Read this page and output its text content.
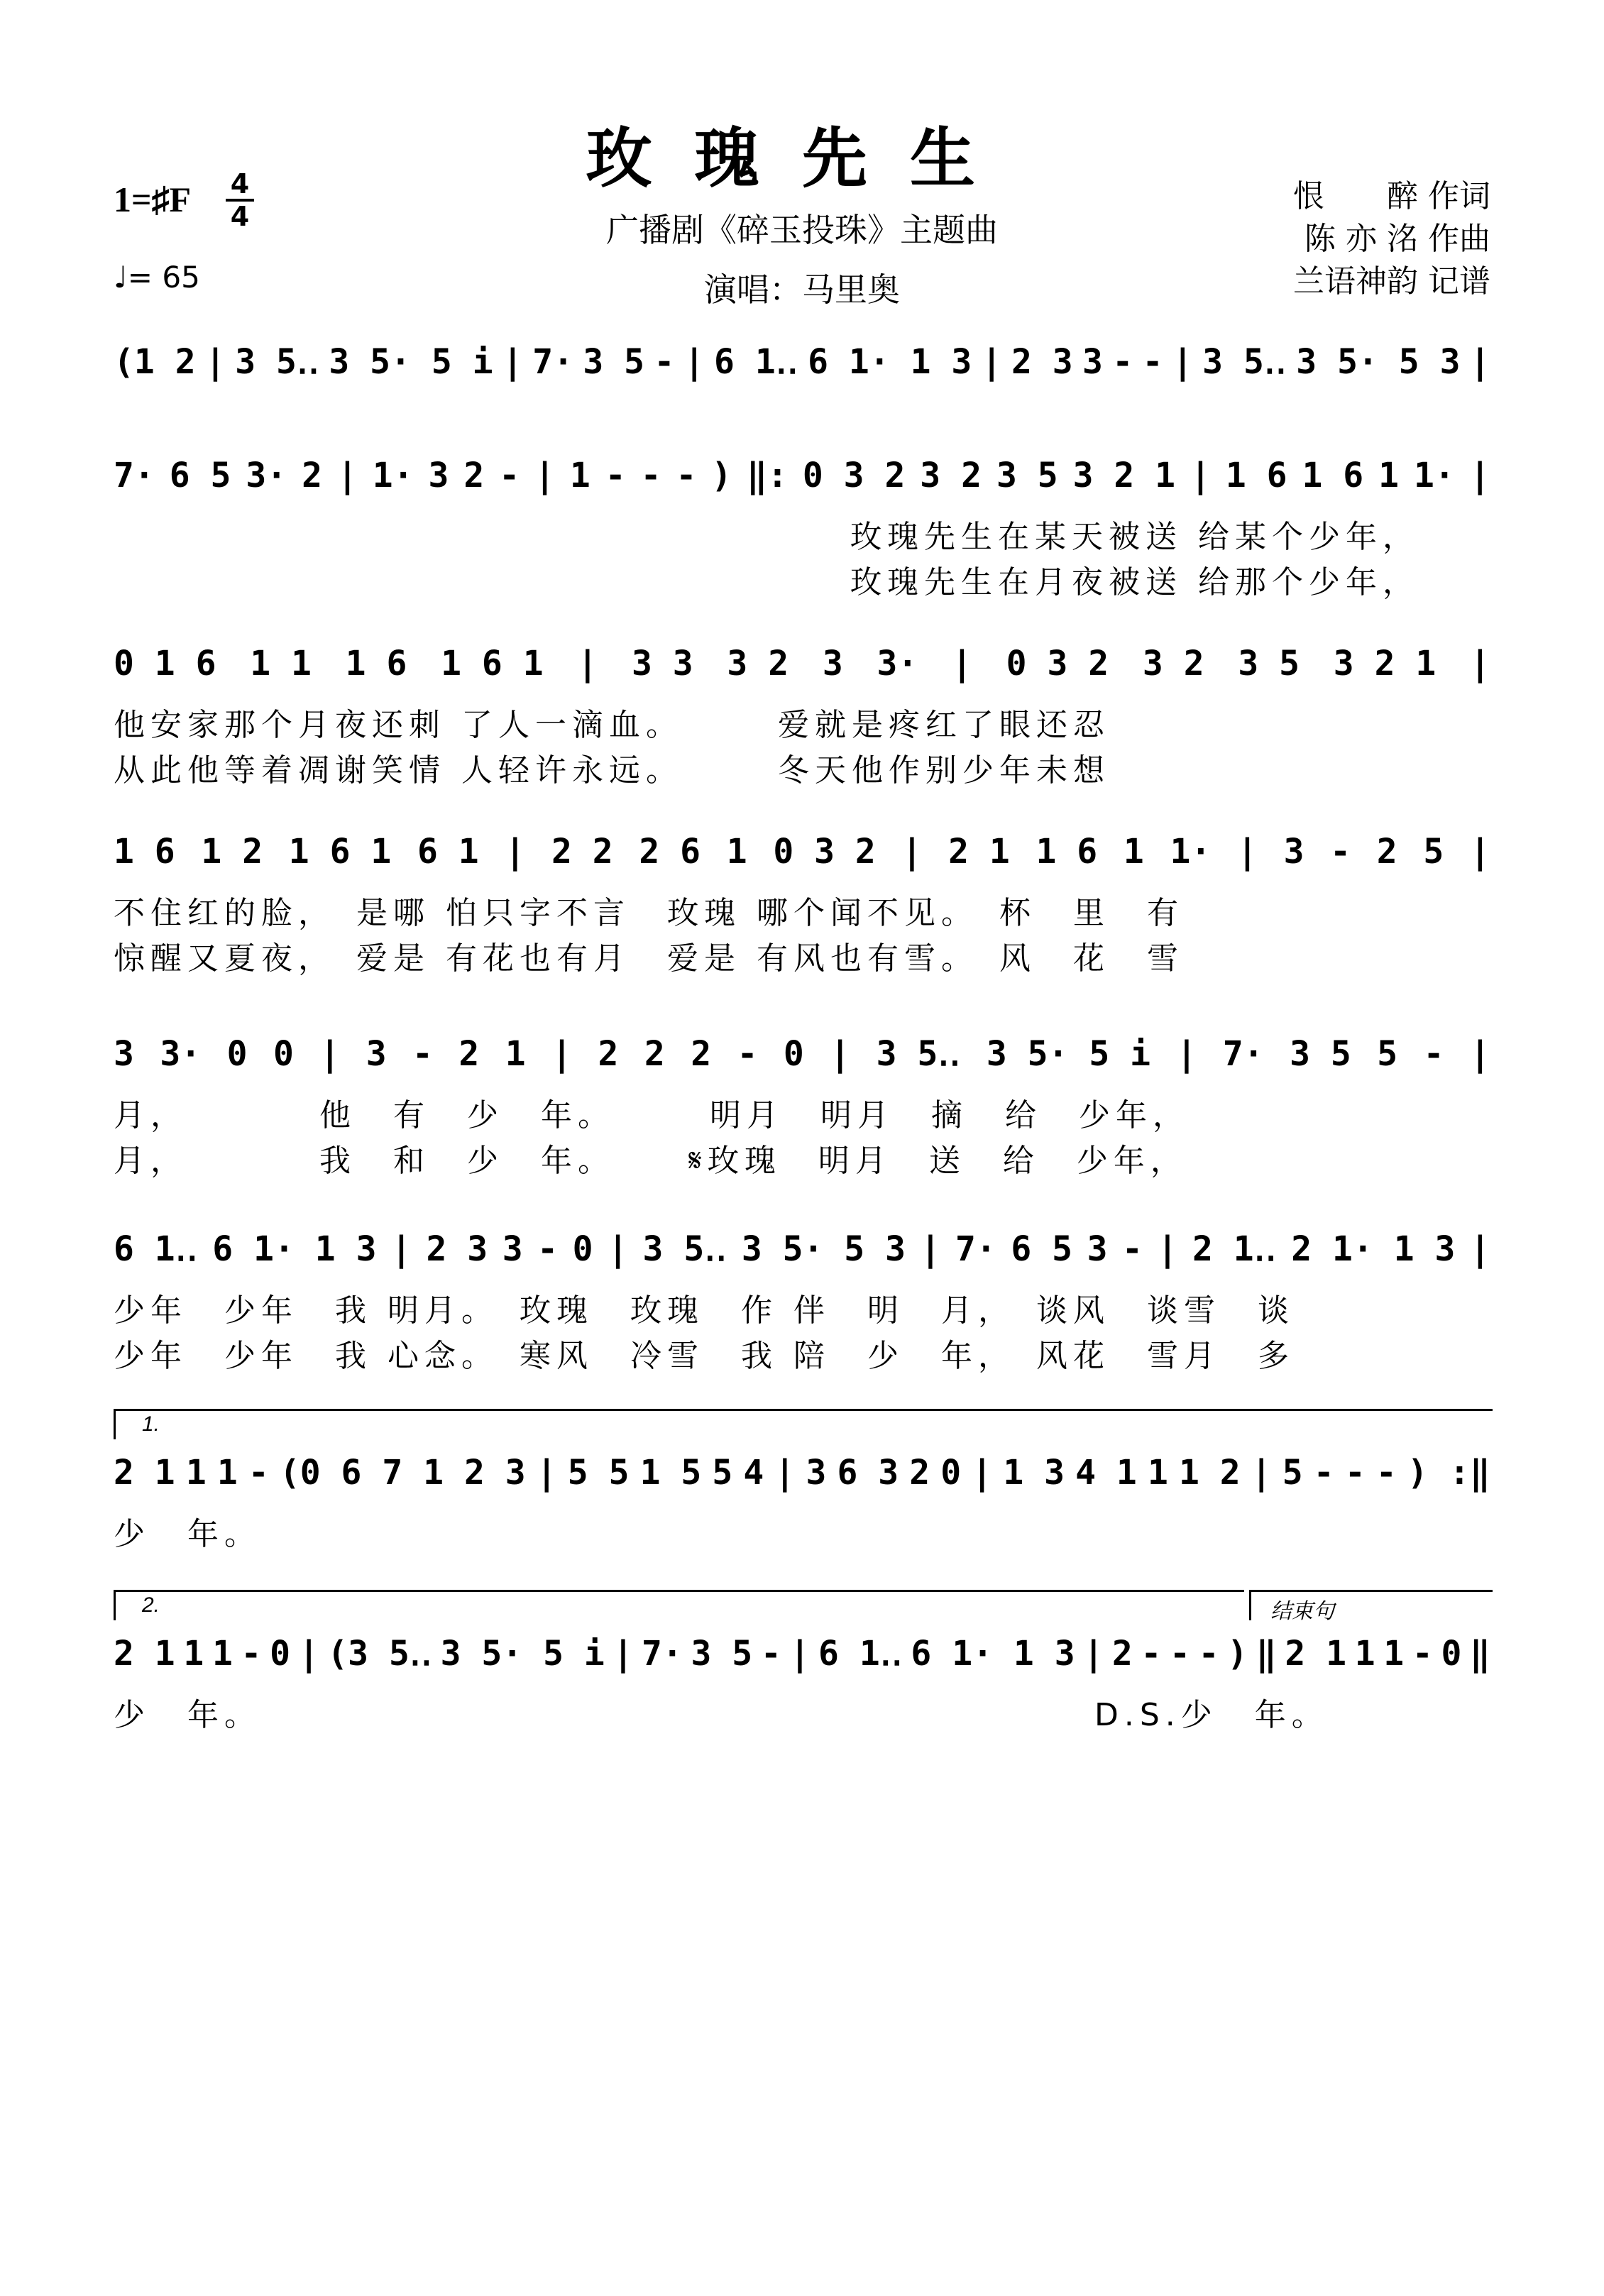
玫瑰先生
广播剧《碎玉投珠》主题曲
演唱：马里奥
1=♯F 4
4
♩= 65
恨　　醉 作词
陈 亦 洺 作曲
兰语神韵 记谱
(1 2 | 3 5‥ 3 5· 5 i | 7· 3 5 - | 6 1‥ 6 1· 1 3 | 2 3 3 - - | 3 5‥ 3 5· 5 3 |
7· 6 5 3· 2 | 1· 3 2 - | 1 - - - ) ‖: 0 3 2 3 2 3 5 3 2 1 | 1 6 1 6 1 1· |
玫瑰先生在某天被送 给某个少年，
玫瑰先生在月夜被送 给那个少年，
0 1 6 1 1 1 6 1 6 1 | 3 3 3 2 3 3· | 0 3 2 3 2 3 5 3 2 1 |
他安家那个月夜还刺 了人一滴血。　　　爱就是疼红了眼还忍
从此他等着凋谢笑情 人轻许永远。　　　冬天他作别少年未想
1 6 1 2 1 6 1 6 1 | 2 2 2 6 1 0 3 2 | 2 1 1 6 1 1· | 3 - 2 5 |
不住红的脸，　是哪 怕只字不言　玫瑰 哪个闻不见。　杯　里　有
惊醒又夏夜，　爱是 有花也有月　爱是 有风也有雪。　风　花　雪
3 3· 0 0 | 3 - 2 1 | 2 2 2 - 0 | 3 5‥ 3 5· 5 i | 7· 3 5 5 - |
月，　　　　他　有　少　年。　　　明月　明月　摘　给　少年，
月，　　　　我　和　少　年。　　 𝄋玫瑰　明月　送　给　少年，
6 1‥ 6 1· 1 3 | 2 3 3 - 0 | 3 5‥ 3 5· 5 3 | 7· 6 5 3 - | 2 1‥ 2 1· 1 3 |
少年　少年　我 明月。　玫瑰　玫瑰　作 伴　明　月，　谈风　谈雪　谈
少年　少年　我 心念。　寒风　冷雪　我 陪　少　年，　风花　雪月　多
2 1 1 1 - (0 6 7 1 2 3 | 5 5 1 5 5 4 | 3 6 3 2 0 | 1 3 4 1 1 1 2 | 5 - - - ) :‖
少　年。
2 1 1 1 - 0 | (3 5‥ 3 5· 5 i | 7· 3 5 - | 6 1‥ 6 1· 1 3 | 2 - - - ) ‖ 2 1 1 1 - 0 ‖
少　年。　　　　　　　　　　　　　　　　　　　　　　　D.S.少　年。
1.
2.	结束句
